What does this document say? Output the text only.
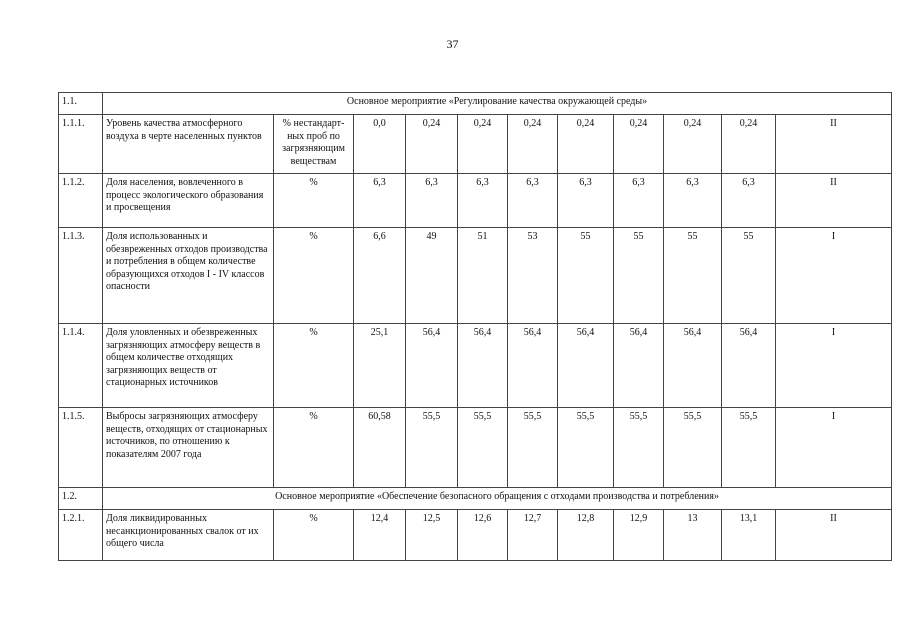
37
1.1.	Основное мероприятие «Регулирование качества окружающей среды»										
1.1.1.	Уровень качества атмосферного воздуха в черте населенных пунктов	% нестандарт-ных проб по загрязняющим веществам	0,0	0,24	0,24	0,24	0,24	0,24	0,24	0,24	II
1.1.2.	Доля населения, вовлеченного в процесс экологического образования и просвещения	%	6,3	6,3	6,3	6,3	6,3	6,3	6,3	6,3	II
1.1.3.	Доля использованных и обезвреженных отходов производства и потребления в общем количестве образующихся отходов I - IV классов опасности	%	6,6	49	51	53	55	55	55	55	I
1.1.4.	Доля уловленных и обезвреженных загрязняющих атмосферу веществ в общем количестве отходящих загрязняющих веществ от стационарных источников	%	25,1	56,4	56,4	56,4	56,4	56,4	56,4	56,4	I
1.1.5.	Выбросы загрязняющих атмосферу веществ, отходящих от стационарных источников, по отношению к показателям 2007 года	%	60,58	55,5	55,5	55,5	55,5	55,5	55,5	55,5	I
1.2.	Основное мероприятие «Обеспечение безопасного обращения с отходами производства и потребления»										
1.2.1.	Доля ликвидированных несанкционированных свалок от их общего числа	%	12,4	12,5	12,6	12,7	12,8	12,9	13	13,1	II
